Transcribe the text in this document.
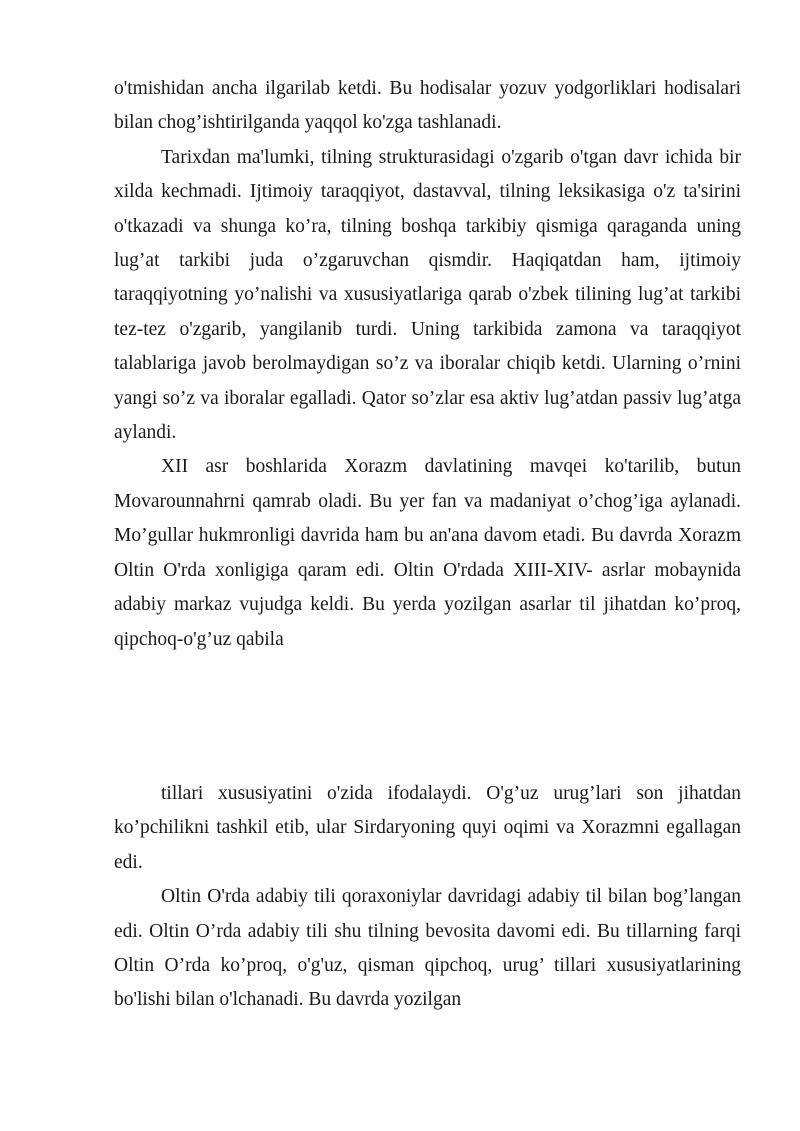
o'tmishidan ancha ilgarilab ketdi. Bu hodisalar yozuv yodgorliklari hodisalari bilan chog’ishtirilganda yaqqol ko'zga tashlanadi.

Tarixdan ma'lumki, tilning strukturasidagi o'zgarib o'tgan davr ichida bir xilda kechmadi. Ijtimoiy taraqqiyot, dastavval, tilning leksikasiga o'z ta'sirini o'tkazadi va shunga ko’ra, tilning boshqa tarkibiy qismiga qaraganda uning lug’at tarkibi juda o’zgaruvchan qismdir. Haqiqatdan ham, ijtimoiy taraqqiyotning yo’nalishi va xususiyatlariga qarab o'zbek tilining lug’at tarkibi tez-tez o'zgarib, yangilanib turdi. Uning tarkibida zamona va taraqqiyot talablariga javob berolmaydigan so’z va iboralar chiqib ketdi. Ularning o’rnini yangi so’z va iboralar egalladi. Qator so’zlar esa aktiv lug’atdan passiv lug’atga aylandi.

XII asr boshlarida Xorazm davlatining mavqei ko'tarilib, butun Movarounnahrni qamrab oladi. Bu yer fan va madaniyat o’chog’iga aylanadi. Mo’gullar hukmronligi davrida ham bu an'ana davom etadi. Bu davrda Xorazm Oltin O'rda xonligiga qaram edi. Oltin O'rdada XIII-XIV- asrlar mobaynida adabiy markaz vujudga keldi. Bu yerda yozilgan asarlar til jihatdan ko’proq, qipchoq-o'g’uz qabila

tillari xususiyatini o'zida ifodalaydi. O'g’uz urug’lari son jihatdan ko’pchilikni tashkil etib, ular Sirdaryoning quyi oqimi va Xorazmni egallagan edi.

Oltin O'rda adabiy tili qoraxoniylar davridagi adabiy til bilan bog’langan edi. Oltin O’rda adabiy tili shu tilning bevosita davomi edi. Bu tillarning farqi Oltin O’rda ko’proq, o'g'uz, qisman qipchoq, urug’ tillari xususiyatlarining bo'lishi bilan o'lchanadi. Bu davrda yozilgan
